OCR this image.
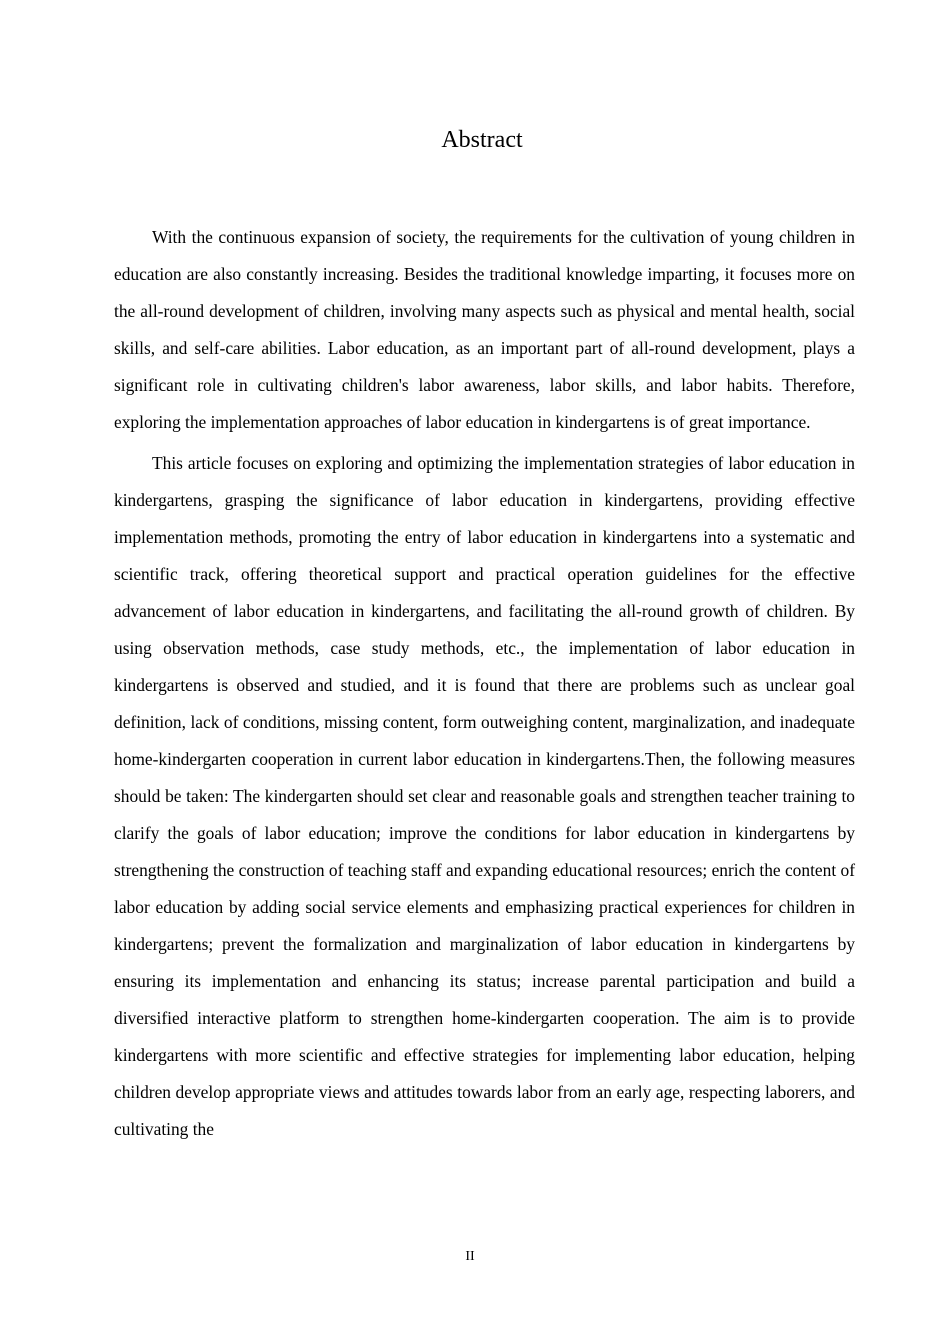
Abstract

With the continuous expansion of society, the requirements for the cultivation of young children in education are also constantly increasing. Besides the traditional knowledge imparting, it focuses more on the all-round development of children, involving many aspects such as physical and mental health, social skills, and self-care abilities. Labor education, as an important part of all-round development, plays a significant role in cultivating children's labor awareness, labor skills, and labor habits. Therefore, exploring the implementation approaches of labor education in kindergartens is of great importance.

This article focuses on exploring and optimizing the implementation strategies of labor education in kindergartens, grasping the significance of labor education in kindergartens, providing effective implementation methods, promoting the entry of labor education in kindergartens into a systematic and scientific track, offering theoretical support and practical operation guidelines for the effective advancement of labor education in kindergartens, and facilitating the all-round growth of children. By using observation methods, case study methods, etc., the implementation of labor education in kindergartens is observed and studied, and it is found that there are problems such as unclear goal definition, lack of conditions, missing content, form outweighing content, marginalization, and inadequate home-kindergarten cooperation in current labor education in kindergartens.Then, the following measures should be taken: The kindergarten should set clear and reasonable goals and strengthen teacher training to clarify the goals of labor education; improve the conditions for labor education in kindergartens by strengthening the construction of teaching staff and expanding educational resources; enrich the content of labor education by adding social service elements and emphasizing practical experiences for children in kindergartens; prevent the formalization and marginalization of labor education in kindergartens by ensuring its implementation and enhancing its status; increase parental participation and build a diversified interactive platform to strengthen home-kindergarten cooperation. The aim is to provide kindergartens with more scientific and effective strategies for implementing labor education, helping children develop appropriate views and attitudes towards labor from an early age, respecting laborers, and cultivating the

II
